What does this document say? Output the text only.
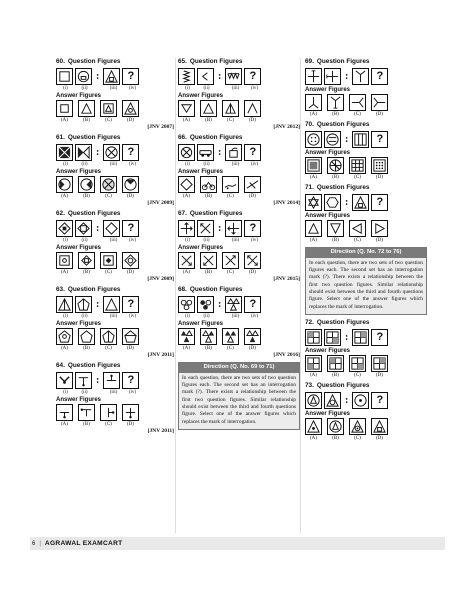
60. Question Figures
:	?
(i)	(ii)	(iii)	(iv)
Answer Figures
(A)	(B)	(C)	(D)
[JNV 2007]
61. Question Figures
:	?
(i)	(ii)	(iii)	(iv)
Answer Figures
(A)	(B)	(C)	(D)
[JNV 2009]
62. Question Figures
:	?
(i)	(ii)	(iii)	(iv)
Answer Figures
(A)	(B)	(C)	(D)
[JNV 2009]
63. Question Figures
:	?
(i)	(ii)	(iii)	(iv)
Answer Figures
(A)	(B)	(C)	(D)
[JNV 2011]
64. Question Figures
:	?
(i)	(ii)	(iii)	(iv)
Answer Figures
(A)	(B)	(C)	(D)
[JNV 2011]
65. Question Figures
:	?
(i)	(ii)	(iii)	(iv)
Answer Figures
(A)	(B)	(C)	(D)
[JNV 2012]
66. Question Figures
:	?
(i)	(ii)	(iii)	(iv)
Answer Figures
(A)	(B)	(C)	(D)
[JNV 2014]
67. Question Figures
:	?
(i)	(ii)	(iii)	(iv)
Answer Figures
(A)	(B)	(C)	(D)
[JNV 2015]
68. Question Figures
:	?
(i)	(ii)	(iii)	(iv)
Answer Figures
(A)	(B)	(C)	(D)
[JNV 2016]
Direction (Q. No. 69 to 71)
In each question, there are two sets of two question figures each. The second set has an interrogation mark (?). There exists a relationship between the first two question figures. Similar relationship should exist between the third and fourth questions figure. Select one of the answer figures which replaces the mark of interrogation.
69. Question Figures
:	?
Answer Figures
(A)	(B)	(C)	(D)
70. Question Figures
:	?
Answer Figures
(A)	(B)	(C)	(D)
71. Question Figures
:	?
Answer Figures
(A)	(B)	(C)	(D)
Direction (Q. No. 72 to 76)
In each question, there are two sets of two question figures each. The second set has an interrogation mark (?). There exists a relationship between the first two question figures. Similar relationship should exist between the third and fourth questions figure. Select one of the answer figures which replaces the mark of interrogation.
72. Question Figures
:	?
Answer Figures
(A)	(B)	(C)	(D)
73. Question Figures
:	?
Answer Figures
(A)	(B)	(C)	(D)
6 | AGRAWAL EXAMCART
